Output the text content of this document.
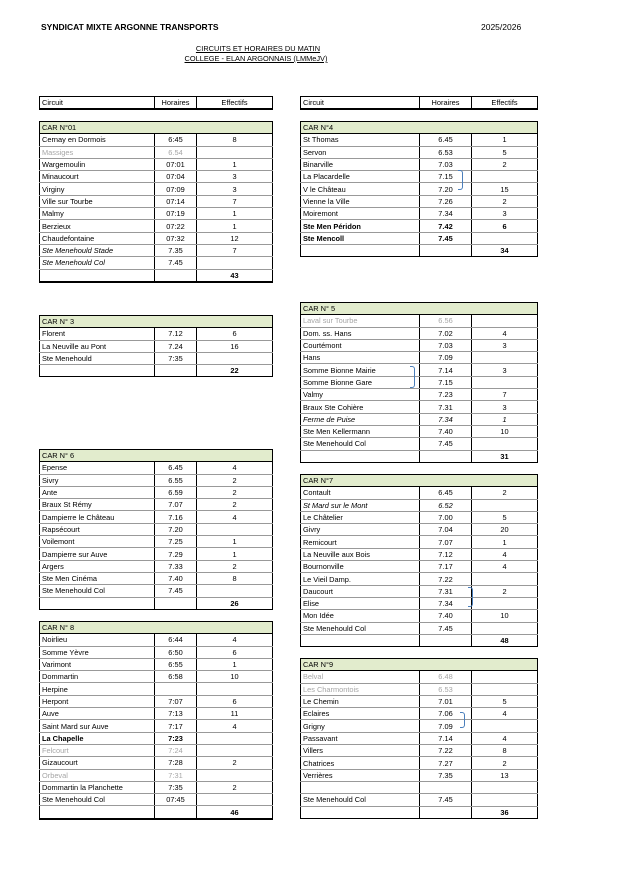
SYNDICAT MIXTE ARGONNE TRANSPORTS	2025/2026
CIRCUITS ET HORAIRES DU MATIN
COLLEGE - ELAN ARGONNAIS (LMMeJV)
Circuit	Horaires	Effectifs	Circuit	Horaires	Effectifs
CAR N°01		
Cernay en Dormois	6:45	8
Massiges	6.54	
Wargemoulin	07:01	1
Minaucourt	07:04	3
Virginy	07:09	3
Ville sur Tourbe	07:14	7
Malmy	07:19	1
Berzieux	07:22	1
Chaudefontaine	07:32	12
Ste Menehould Stade	7.35	7
Ste Menehould Col	7.45	
		43
CAR N° 3		
Florent	7.12	6
La Neuville au Pont	7.24	16
Ste Menehould	7:35	
		22
CAR N° 6		
Epense	6.45	4
Sivry	6.55	2
Ante	6.59	2
Braux St Rémy	7.07	2
Dampierre le Château	7.16	4
Rapsécourt	7.20	
Voilemont	7.25	1
Dampierre sur Auve	7.29	1
Argers	7.33	2
Ste Men Cinéma	7.40	8
Ste Menehould Col	7.45	
		26
CAR N° 8		
Noirlieu	6:44	4
Somme Yèvre	6:50	6
Varimont	6:55	1
Dommartin	6:58	10
Herpine		
Herpont	7:07	6
Auve	7:13	11
Saint Mard sur Auve	7:17	4
La Chapelle	7:23	
Felcourt	7:24	
Gizaucourt	7:28	2
Orbeval	7:31	
Dommartin la Planchette	7:35	2
Ste Menehould Col	07:45	
		46
CAR N°4		
St Thomas	6.45	1
Servon	6.53	5
Binarville	7.03	2
La Placardelle	7.15	
V le Château	7.20	15
Vienne la Ville	7.26	2
Moiremont	7.34	3
Ste Men Péridon	7.42	6
Ste Mencoll	7.45	
		34
CAR N° 5		
Laval sur Tourbe	6.56	
Dom. ss. Hans	7.02	4
Courtémont	7.03	3
Hans	7.09	
Somme Bionne Mairie	7.14	3
Somme Bionne Gare	7.15	
Valmy	7.23	7
Braux Ste Cohière	7.31	3
Ferme de Puise	7.34	1
Ste Men Kellermann	7.40	10
Ste Menehould Col	7.45	
		31
CAR N°7		
Contault	6.45	2
St Mard sur le Mont	6.52	
Le Châtelier	7.00	5
Givry	7.04	20
Remicourt	7.07	1
La Neuville aux Bois	7.12	4
Bournonville	7.17	4
Le Vieil Damp.	7.22	
Daucourt	7.31	2
Elise	7.34	
Mon Idée	7.40	10
Ste Menehould Col	7.45	
		48
CAR N°9		
Belval	6.48	
Les Charmontois	6.53	
Le Chemin	7.01	5
Eclaires	7.06	4
Grigny	7.09	
Passavant	7.14	4
Villers	7.22	8
Chatrices	7.27	2
Verrières	7.35	13

Ste Menehould Col	7.45	
		36
